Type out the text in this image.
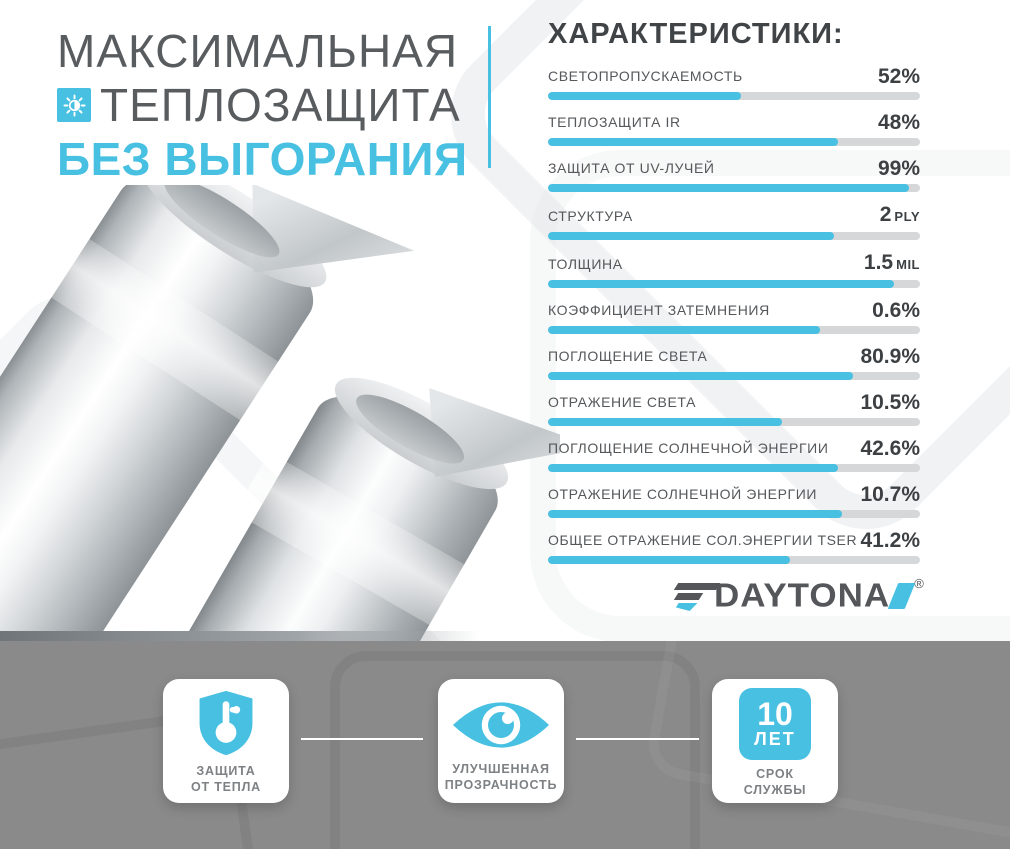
МАКСИМАЛЬНАЯ
ТЕПЛОЗАЩИТА
БЕЗ ВЫГОРАНИЯ
ХАРАКТЕРИСТИКИ:
СВЕТОПРОПУСКАЕМОСТЬ	52%
ТЕПЛОЗАЩИТА IR	48%
ЗАЩИТА ОТ UV-ЛУЧЕЙ	99%
СТРУКТУРА	2 PLY
ТОЛЩИНА	1.5 MIL
КОЭФФИЦИЕНТ ЗАТЕМНЕНИЯ	0.6%
ПОГЛОЩЕНИЕ СВЕТА	80.9%
ОТРАЖЕНИЕ СВЕТА	10.5%
ПОГЛОЩЕНИЕ СОЛНЕЧНОЙ ЭНЕРГИИ 42.6%
ОТРАЖЕНИЕ СОЛНЕЧНОЙ ЭНЕРГИИ 10.7%
ОБЩЕЕ ОТРАЖЕНИЕ СОЛ.ЭНЕРГИИ TSER 41.2%
DAYTONA ®
ЗАЩИТА
ОТ ТЕПЛА
УЛУЧШЕННАЯ
ПРОЗРАЧНОСТЬ
10
ЛЕТ
СРОК
СЛУЖБЫ
